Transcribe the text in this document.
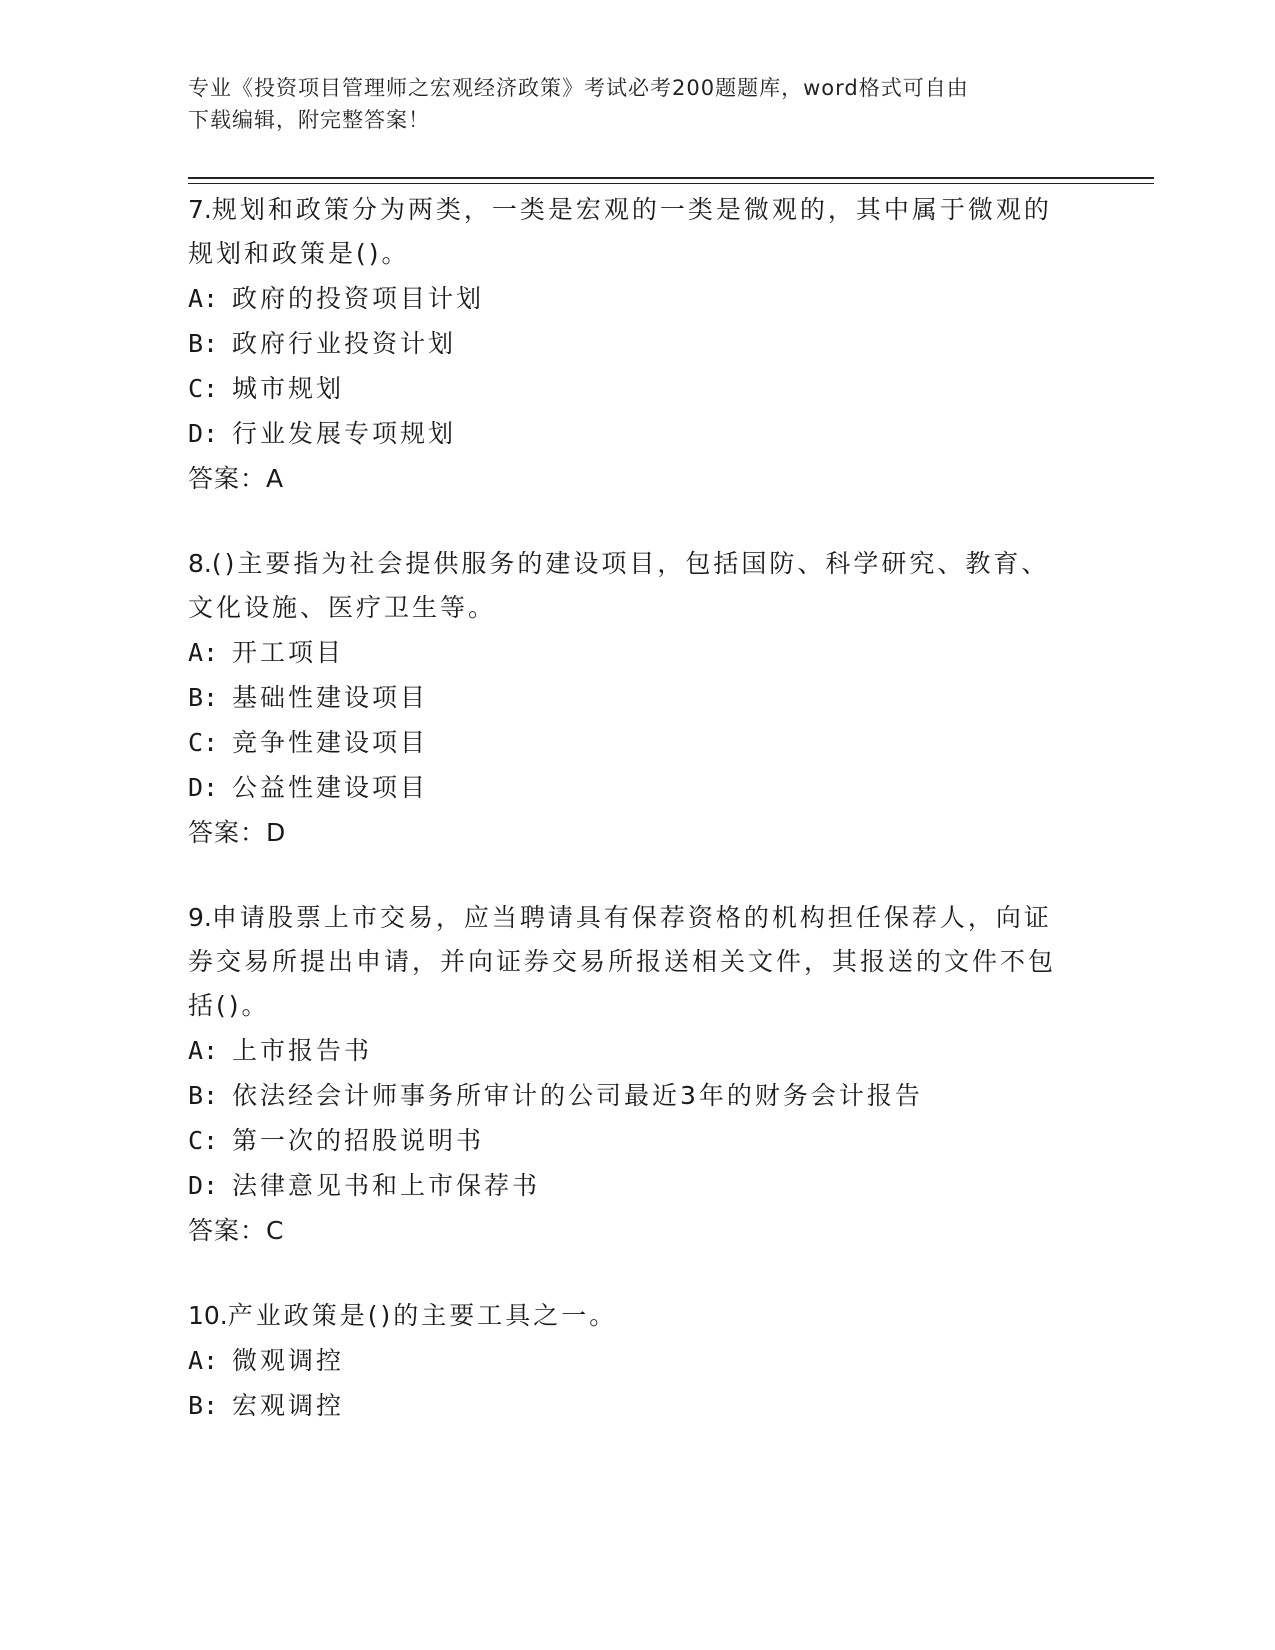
专业《投资项目管理师之宏观经济政策》考试必考200题题库，word格式可自由
下载编辑，附完整答案！

7.规划和政策分为两类，一类是宏观的一类是微观的，其中属于微观的规划和政策是()。

A: 政府的投资项目计划

B: 政府行业投资计划

C: 城市规划

D: 行业发展专项规划

答案：A

8.()主要指为社会提供服务的建设项目，包括国防、科学研究、教育、文化设施、医疗卫生等。

A: 开工项目

B: 基础性建设项目

C: 竞争性建设项目

D: 公益性建设项目

答案：D

9.申请股票上市交易，应当聘请具有保荐资格的机构担任保荐人，向证券交易所提出申请，并向证券交易所报送相关文件，其报送的文件不包括()。

A: 上市报告书

B: 依法经会计师事务所审计的公司最近3年的财务会计报告

C: 第一次的招股说明书

D: 法律意见书和上市保荐书

答案：C

10.产业政策是()的主要工具之一。

A: 微观调控

B: 宏观调控
